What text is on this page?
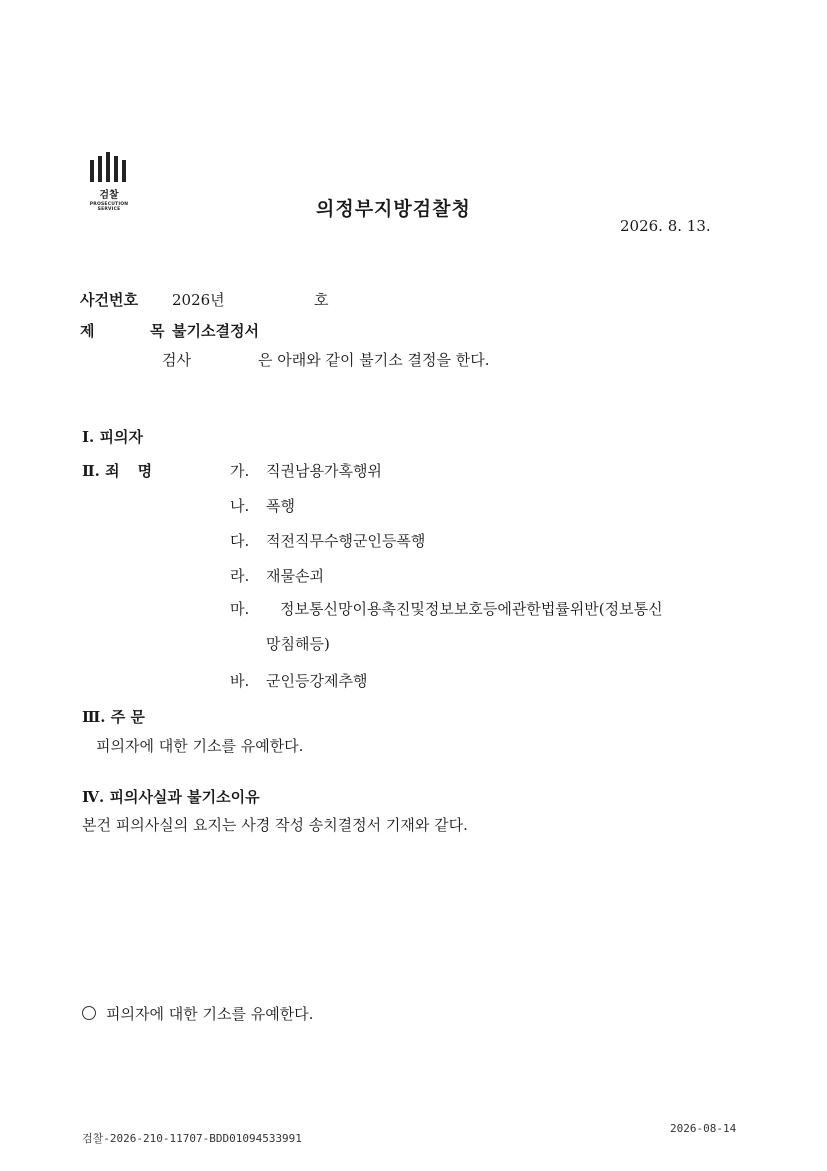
검찰
PROSECUTION SERVICE	의정부지방검찰청
2026. 8. 13.
사건번호 2026년	호
제	목 불기소결정서
검사	은 아래와 같이 불기소 결정을 한다.
Ⅰ. 피의자
Ⅱ. 죄 명	가. 직권남용가혹행위
나. 폭행
다. 적전직무수행군인등폭행
라. 재물손괴
마. 정보통신망이용촉진및정보보호등에관한법률위반(정보통신
망침해등)
바. 군인등강제추행
Ⅲ. 주 문
피의자에 대한 기소를 유예한다.
Ⅳ. 피의사실과 불기소이유
본건 피의사실의 요지는 사경 작성 송치결정서 기재와 같다.
피의자에 대한 기소를 유예한다.
검찰-2026-210-11707-BDD01094533991
2026-08-14
